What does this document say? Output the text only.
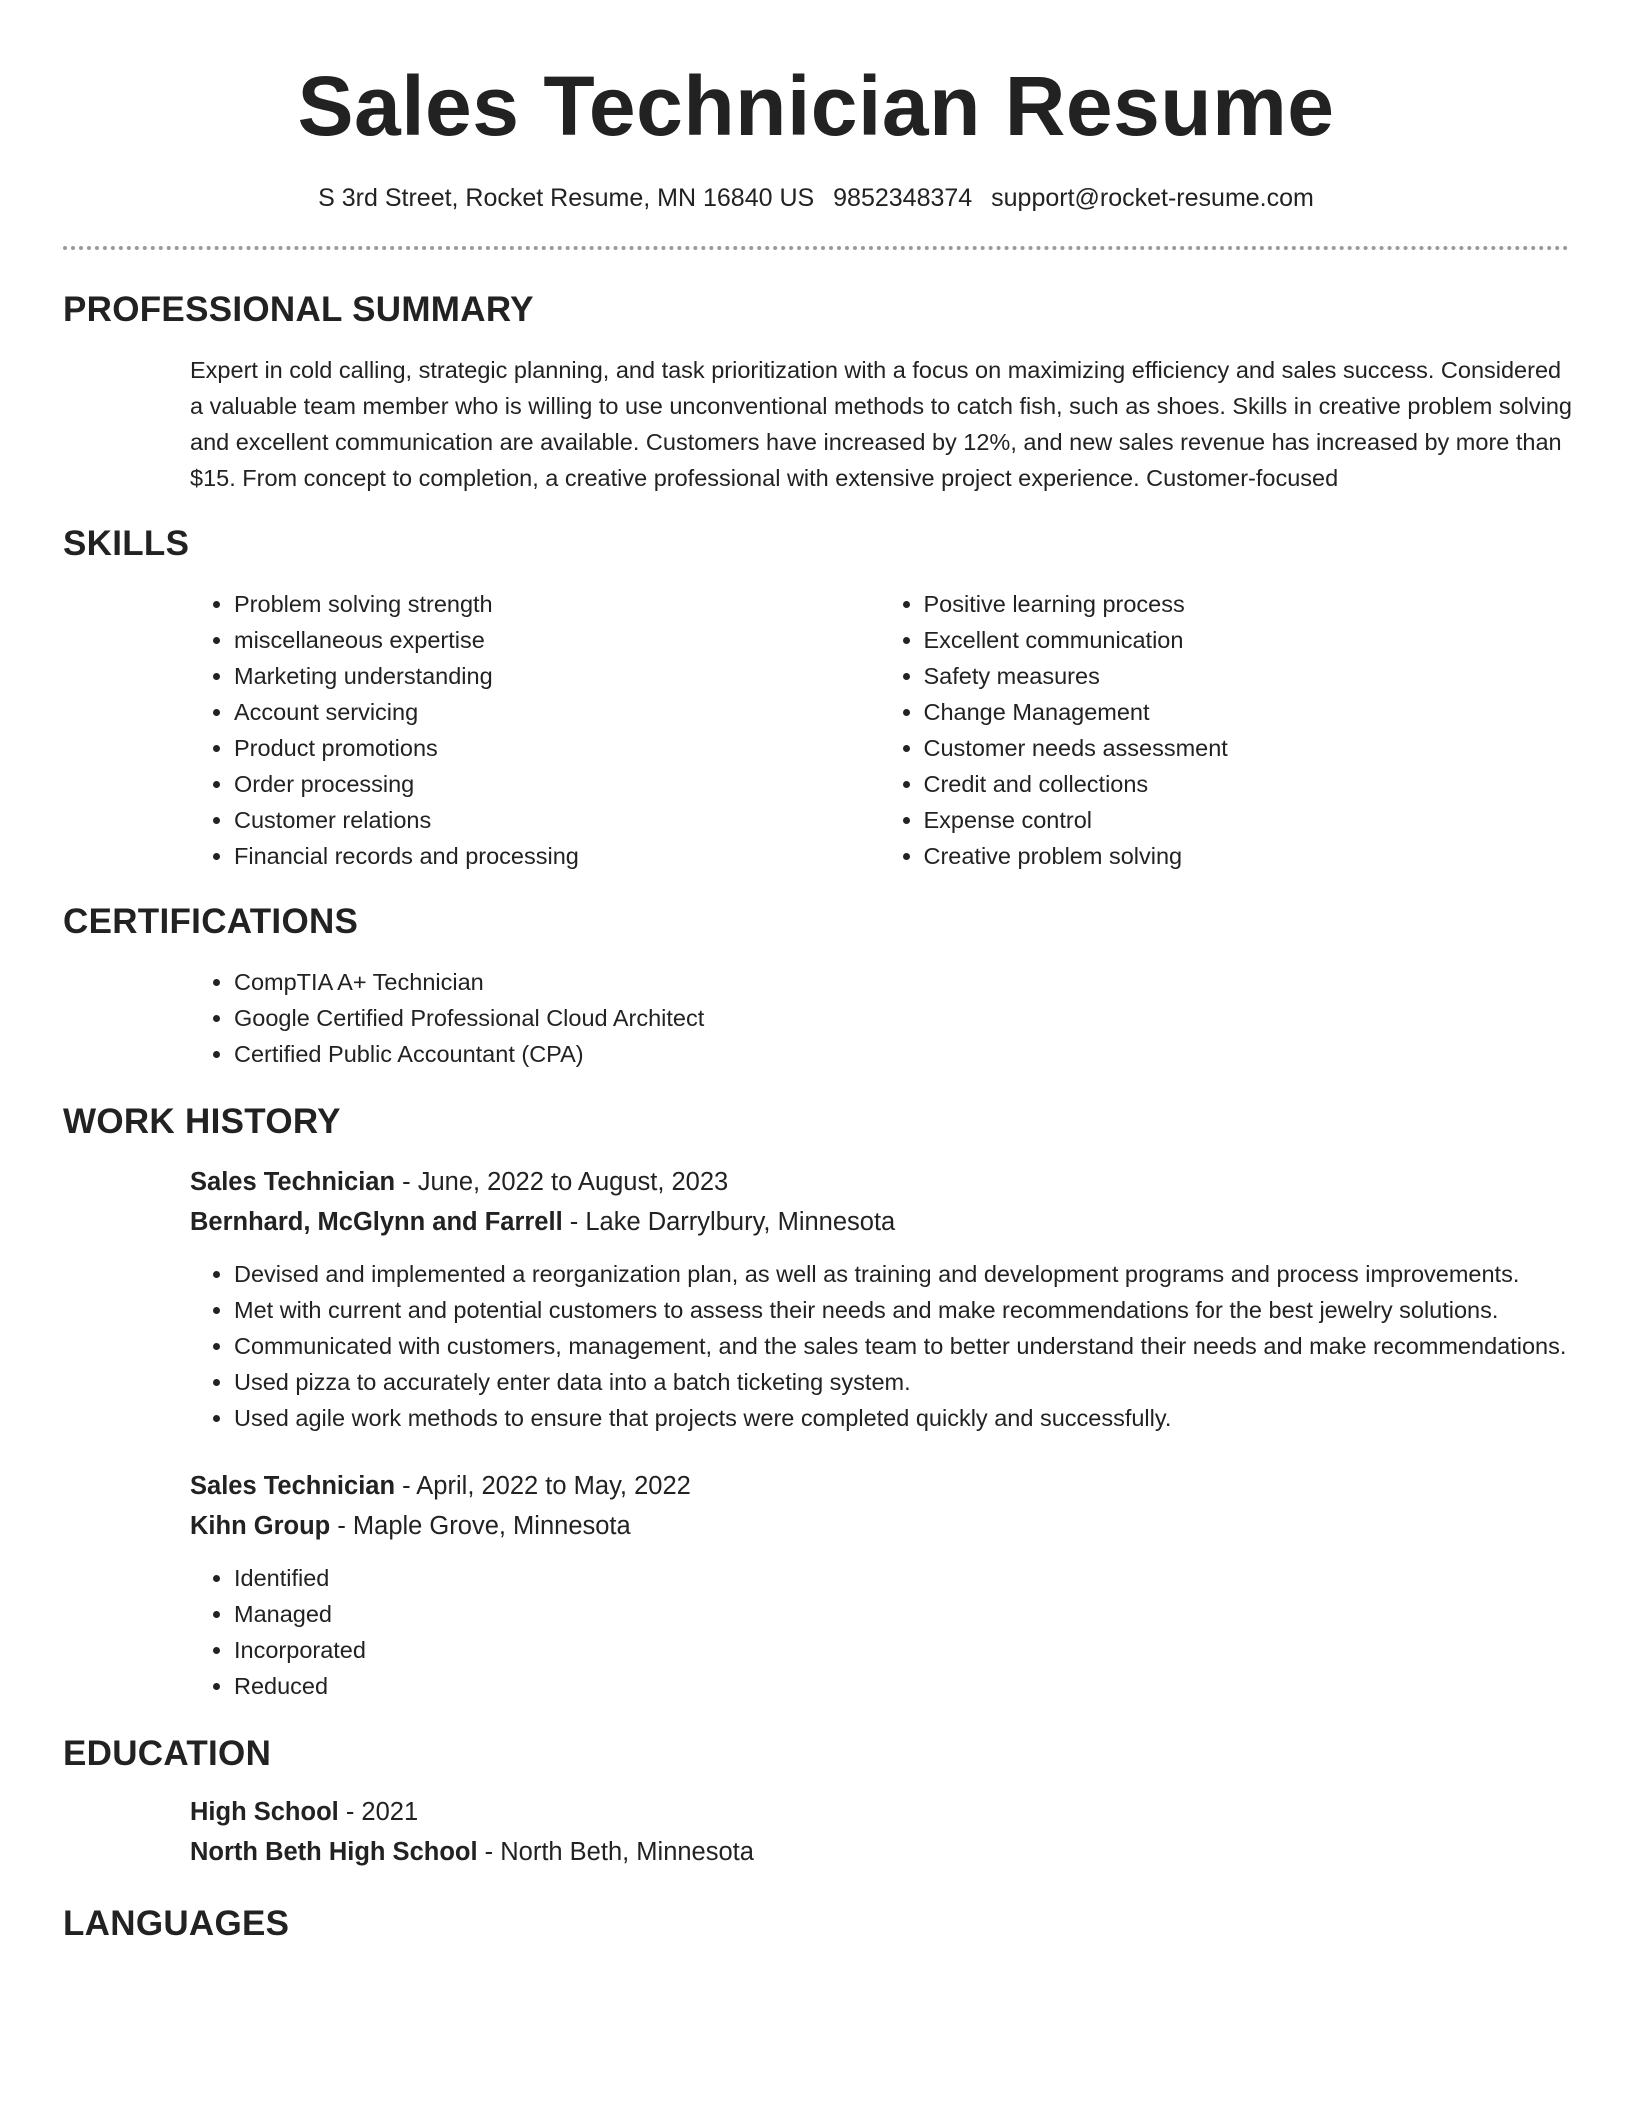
Sales Technician Resume
S 3rd Street, Rocket Resume, MN 16840 US 9852348374 support@rocket-resume.com
PROFESSIONAL SUMMARY
Expert in cold calling, strategic planning, and task prioritization with a focus on maximizing efficiency and sales success. Considered a valuable team member who is willing to use unconventional methods to catch fish, such as shoes. Skills in creative problem solving and excellent communication are available. Customers have increased by 12%, and new sales revenue has increased by more than $15. From concept to completion, a creative professional with extensive project experience. Customer-focused
SKILLS
• Problem solving strength
• miscellaneous expertise
• Marketing understanding
• Account servicing
• Product promotions
• Order processing
• Customer relations
• Financial records and processing
• Positive learning process
• Excellent communication
• Safety measures
• Change Management
• Customer needs assessment
• Credit and collections
• Expense control
• Creative problem solving
CERTIFICATIONS
• CompTIA A+ Technician
• Google Certified Professional Cloud Architect
• Certified Public Accountant (CPA)
WORK HISTORY
Sales Technician - June, 2022 to August, 2023
Bernhard, McGlynn and Farrell - Lake Darrylbury, Minnesota
• Devised and implemented a reorganization plan, as well as training and development programs and process improvements.
• Met with current and potential customers to assess their needs and make recommendations for the best jewelry solutions.
• Communicated with customers, management, and the sales team to better understand their needs and make recommendations.
• Used pizza to accurately enter data into a batch ticketing system.
• Used agile work methods to ensure that projects were completed quickly and successfully.
Sales Technician - April, 2022 to May, 2022
Kihn Group - Maple Grove, Minnesota
• Identified
• Managed
• Incorporated
• Reduced
EDUCATION
High School - 2021
North Beth High School - North Beth, Minnesota
LANGUAGES
